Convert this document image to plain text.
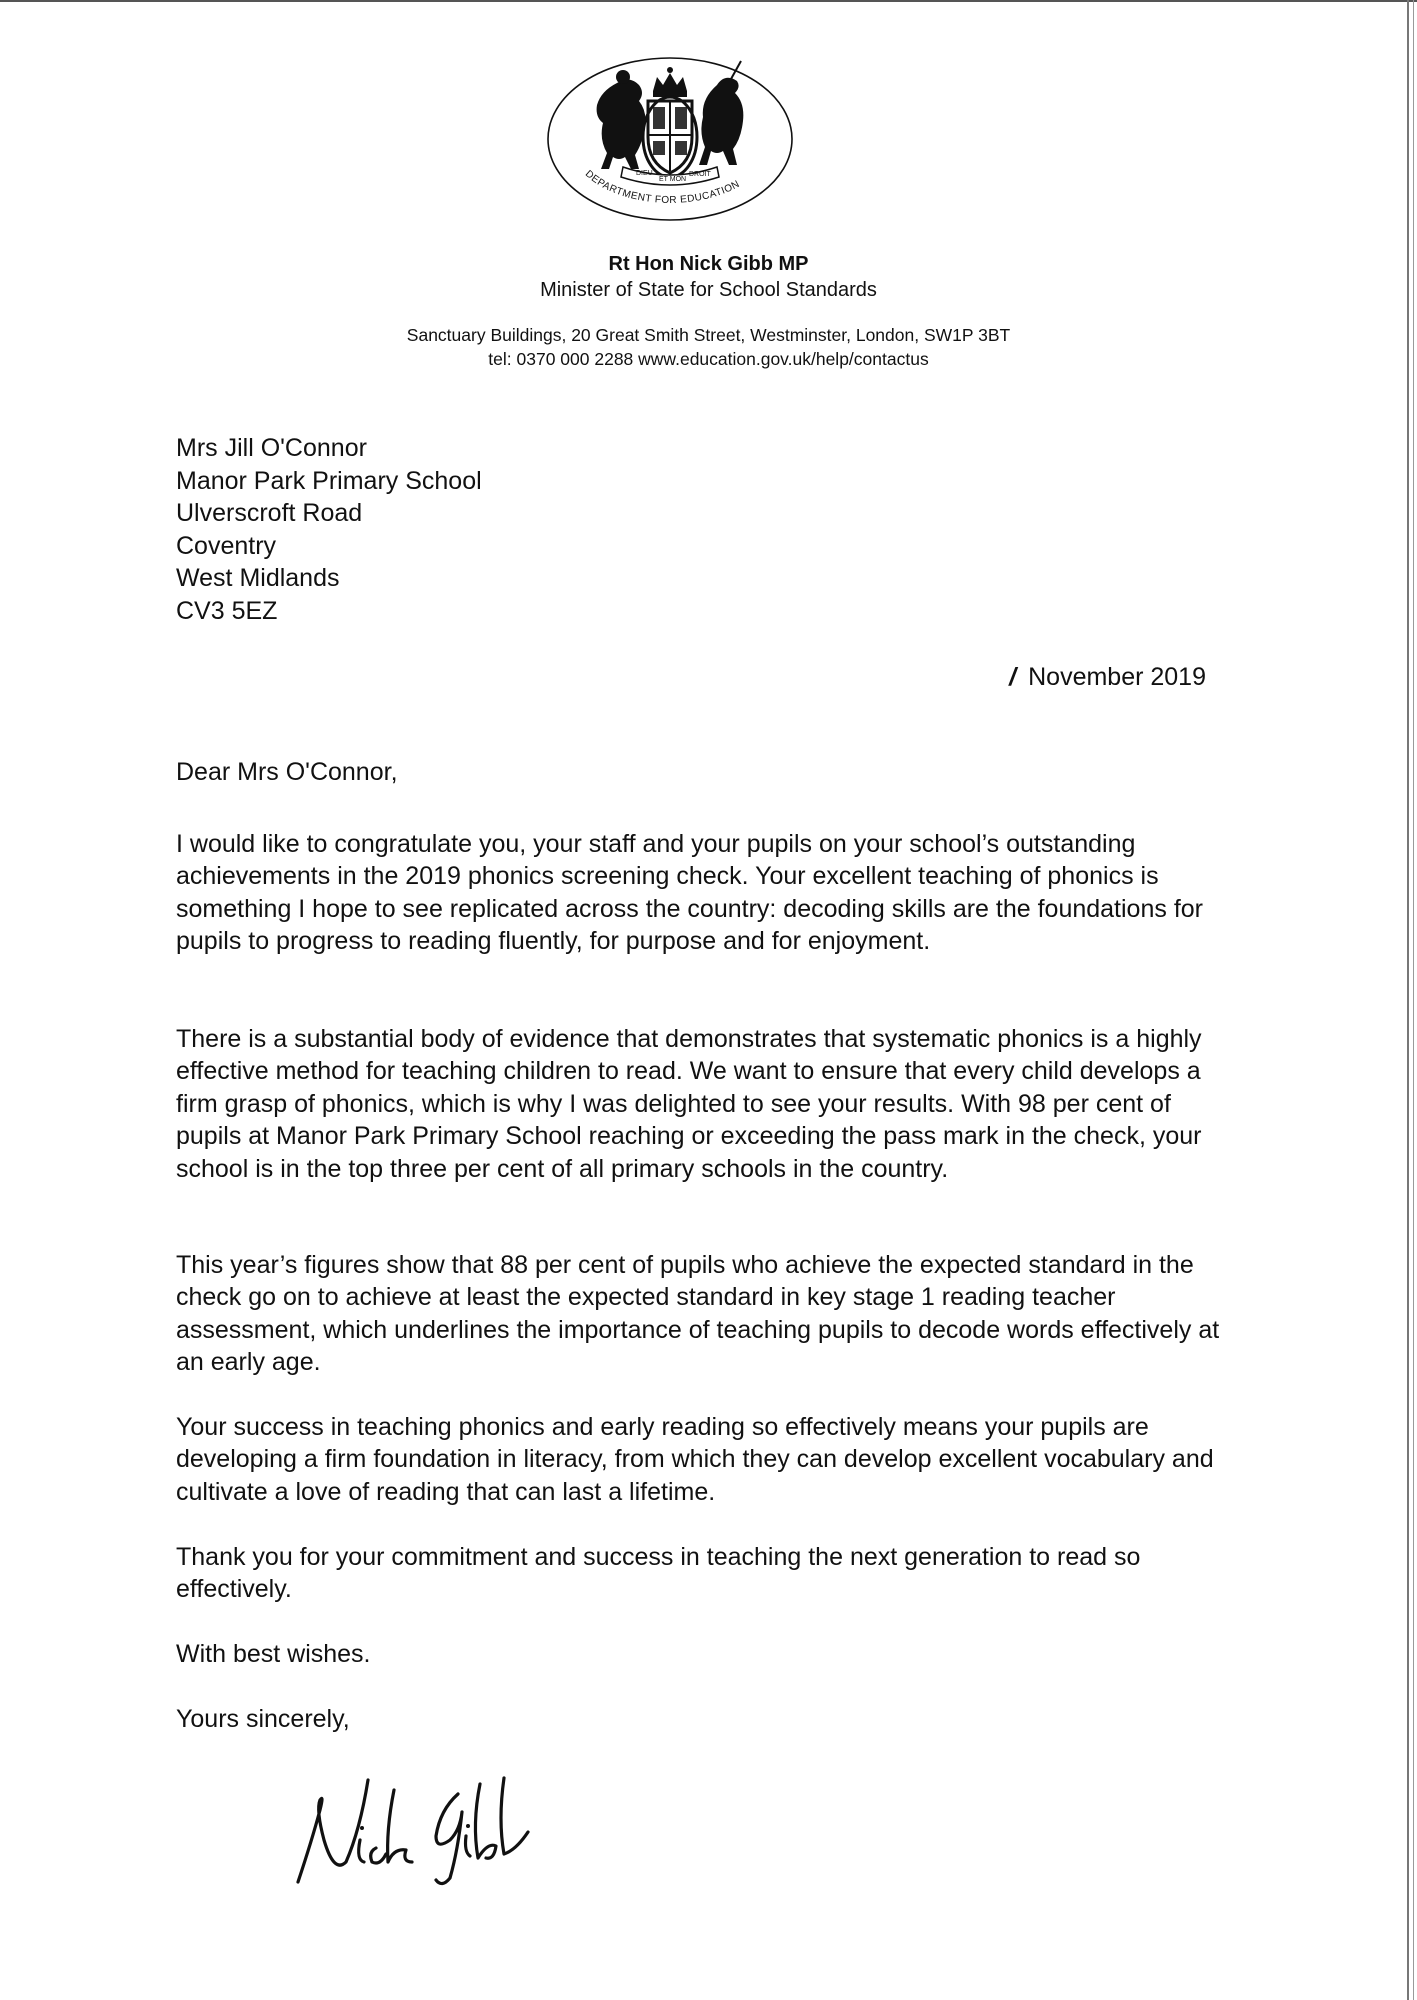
DIEU
ET MON
DROIT
DEPARTMENT FOR EDUCATION
Rt Hon Nick Gibb MP
Minister of State for School Standards
Sanctuary Buildings, 20 Great Smith Street, Westminster, London, SW1P 3BT
tel: 0370 000 2288 www.education.gov.uk/help/contactus
Mrs Jill O'Connor
Manor Park Primary School
Ulverscroft Road
Coventry
West Midlands
CV3 5EZ
/ November 2019
Dear Mrs O'Connor,
I would like to congratulate you, your staff and your pupils on your school’s outstanding achievements in the 2019 phonics screening check. Your excellent teaching of phonics is something I hope to see replicated across the country: decoding skills are the foundations for pupils to progress to reading fluently, for purpose and for enjoyment.
There is a substantial body of evidence that demonstrates that systematic phonics is a highly effective method for teaching children to read. We want to ensure that every child develops a firm grasp of phonics, which is why I was delighted to see your results. With 98 per cent of pupils at Manor Park Primary School reaching or exceeding the pass mark in the check, your school is in the top three per cent of all primary schools in the country.
This year’s figures show that 88 per cent of pupils who achieve the expected standard in the check go on to achieve at least the expected standard in key stage 1 reading teacher assessment, which underlines the importance of teaching pupils to decode words effectively at an early age.
Your success in teaching phonics and early reading so effectively means your pupils are developing a firm foundation in literacy, from which they can develop excellent vocabulary and cultivate a love of reading that can last a lifetime.
Thank you for your commitment and success in teaching the next generation to read so effectively.
With best wishes.
Yours sincerely,
